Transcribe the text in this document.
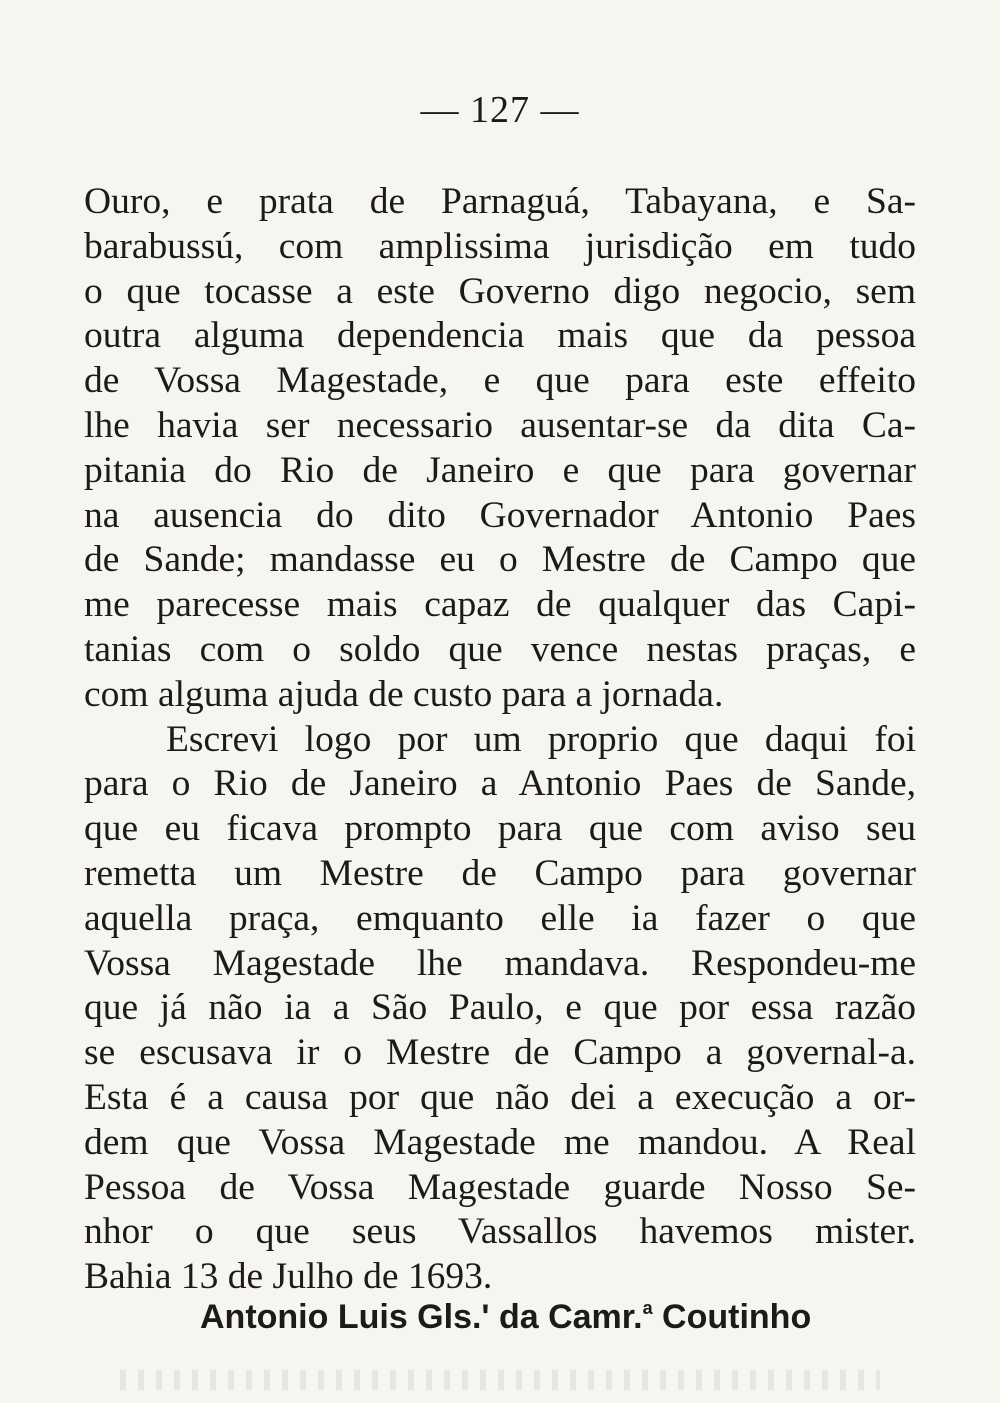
— 127 —
Ouro, e prata de Parnaguá, Tabayana, e Sa-
barabussú, com amplissima jurisdição em tudo
o que tocasse a este Governo digo negocio, sem
outra alguma dependencia mais que da pessoa
de Vossa Magestade, e que para este effeito
lhe havia ser necessario ausentar-se da dita Ca-
pitania do Rio de Janeiro e que para governar
na ausencia do dito Governador Antonio Paes
de Sande; mandasse eu o Mestre de Campo que
me parecesse mais capaz de qualquer das Capi-
tanias com o soldo que vence nestas praças, e
com alguma ajuda de custo para a jornada.
Escrevi logo por um proprio que daqui foi
para o Rio de Janeiro a Antonio Paes de Sande,
que eu ficava prompto para que com aviso seu
remetta um Mestre de Campo para governar
aquella praça, emquanto elle ia fazer o que
Vossa Magestade lhe mandava. Respondeu-me
que já não ia a São Paulo, e que por essa razão
se escusava ir o Mestre de Campo a governal-a.
Esta é a causa por que não dei a execução a or-
dem que Vossa Magestade me mandou. A Real
Pessoa de Vossa Magestade guarde Nosso Se-
nhor o que seus Vassallos havemos mister.
Bahia 13 de Julho de 1693.
Antonio Luis Gls.' da Camr.$^a$ Coutinho
